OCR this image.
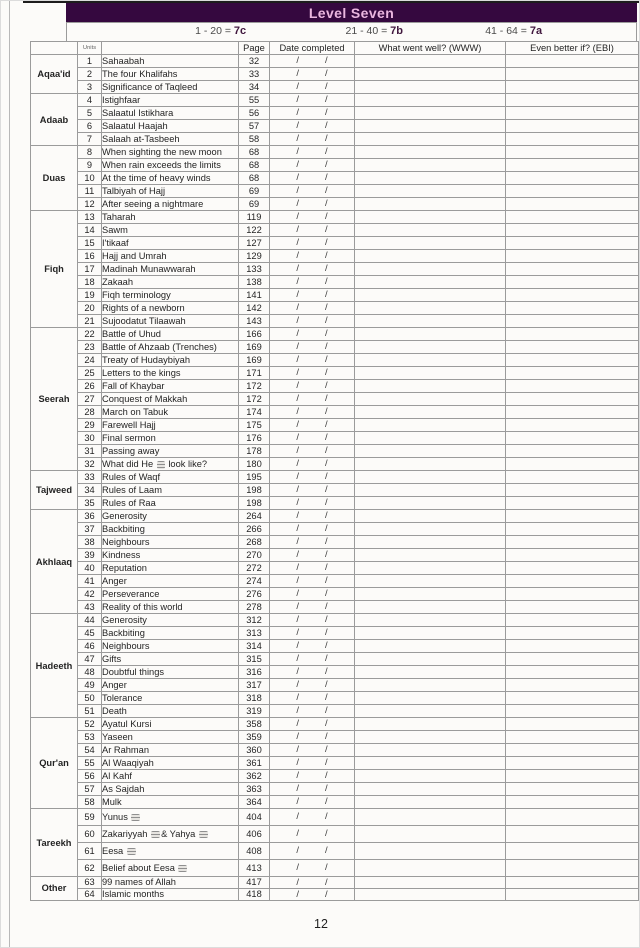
Level Seven
1 - 20 = 7c	21 - 40 = 7b	41 - 64 = 7a

	Units		Page	Date completed	What went well? (WWW)	Even better if? (EBI)
Aqaa'id	1	Sahaabah	32	/ /		

	2	The four Khalifahs	33	/ /		

	3	Significance of Taqleed	34	/ /		

Adaab	4	Istighfaar	55	/ /		

	5	Salaatul Istikhara	56	/ /		

	6	Salaatul Haajah	57	/ /		

	7	Salaah at-Tasbeeh	58	/ /		

Duas	8	When sighting the new moon	68	/ /		

	9	When rain exceeds the limits	68	/ /		

	10	At the time of heavy winds	68	/ /		

	11	Talbiyah of Hajj	69	/ /		

	12	After seeing a nightmare	69	/ /		

Fiqh	13	Taharah	119	/ /		

	14	Sawm	122	/ /		

	15	I'tikaaf	127	/ /		

	16	Hajj and Umrah	129	/ /		

	17	Madinah Munawwarah	133	/ /		

	18	Zakaah	138	/ /		

	19	Fiqh terminology	141	/ /		

	20	Rights of a newborn	142	/ /		

	21	Sujoodatut Tilaawah	143	/ /		

Seerah	22	Battle of Uhud	166	/ /		

	23	Battle of Ahzaab (Trenches)	169	/ /		

	24	Treaty of Hudaybiyah	169	/ /		

	25	Letters to the kings	171	/ /		

	26	Fall of Khaybar	172	/ /		

	27	Conquest of Makkah	172	/ /		

	28	March on Tabuk	174	/ /		

	29	Farewell Hajj	175	/ /		

	30	Final sermon	176	/ /		

	31	Passing away	178	/ /		

	32	What did He  look like?	180	/ /		

Tajweed	33	Rules of Waqf	195	/ /		

	34	Rules of Laam	198	/ /		

	35	Rules of Raa	198	/ /		

Akhlaaq	36	Generosity	264	/ /		

	37	Backbiting	266	/ /		

	38	Neighbours	268	/ /		

	39	Kindness	270	/ /		

	40	Reputation	272	/ /		

	41	Anger	274	/ /		

	42	Perseverance	276	/ /		

	43	Reality of this world	278	/ /		

Hadeeth	44	Generosity	312	/ /		

	45	Backbiting	313	/ /		

	46	Neighbours	314	/ /		

	47	Gifts	315	/ /		

	48	Doubtful things	316	/ /		

	49	Anger	317	/ /		

	50	Tolerance	318	/ /		

	51	Death	319	/ /		

Qur'an	52	Ayatul Kursi	358	/ /		

	53	Yaseen	359	/ /		

	54	Ar Rahman	360	/ /		

	55	Al Waaqiyah	361	/ /		

	56	Al Kahf	362	/ /		

	57	As Sajdah	363	/ /		

	58	Mulk	364	/ /		

Tareekh	59	Yunus	404	/ /		

	60	Zakariyyah & Yahya	406	/ /		

	61	Eesa	408	/ /		

	62	Belief about Eesa	413	/ /		

Other	63	99 names of Allah	417	/ /		

	64	Islamic months	418	/ /		

12
